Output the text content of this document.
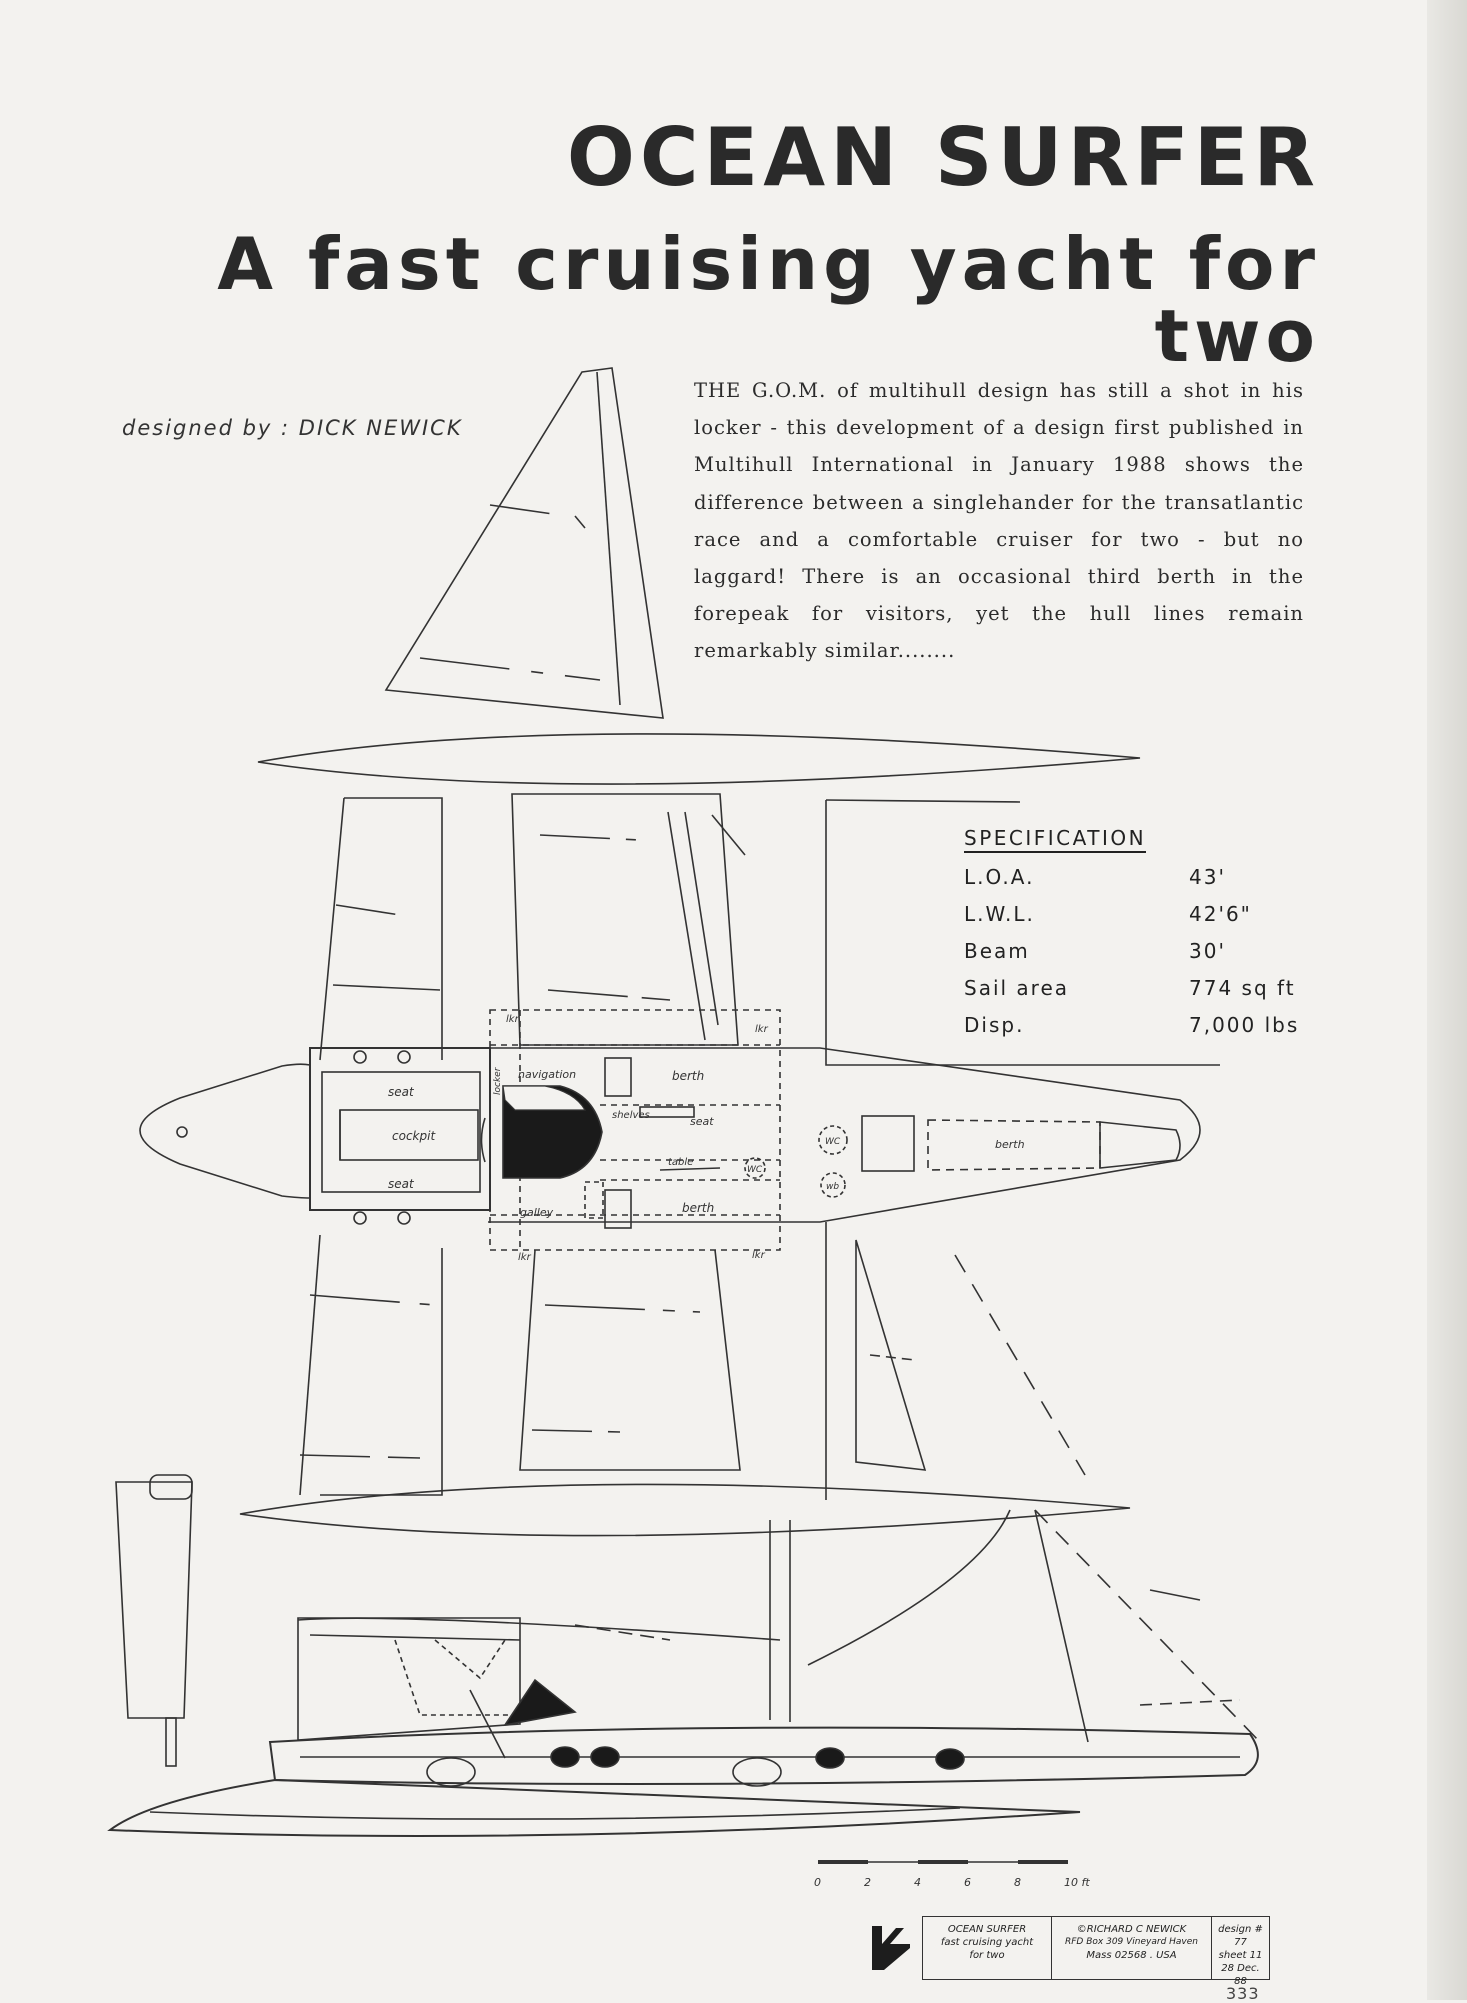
OCEAN SURFER
A fast cruising yacht for two
designed by : DICK NEWICK
THE G.O.M. of multihull design has still a shot in his locker - this development of a design first published in Multihull International in January 1988 shows the difference between a singlehander for the transatlantic race and a comfortable cruiser for two - but no laggard! There is an occasional third berth in the forepeak for visitors, yet the hull lines remain remarkably similar........
SPECIFICATION
L.O.A.	43'
L.W.L.	42'6"
Beam	30'
Sail area	774 sq ft
Disp.	7,000 lbs
seat
cockpit
seat
navigation	berth
shelves	seat
table
WC
galley	berth
lkr
lkr
lkr	lkr
WC
wb
berth
locker
0	2	4	6	8	10 ft
OCEAN SURFER
fast cruising yacht
for two
©RICHARD C NEWICK
RFD Box 309 Vineyard Haven
Mass 02568 . USA
design # 77
sheet 11
28 Dec. 88
333
